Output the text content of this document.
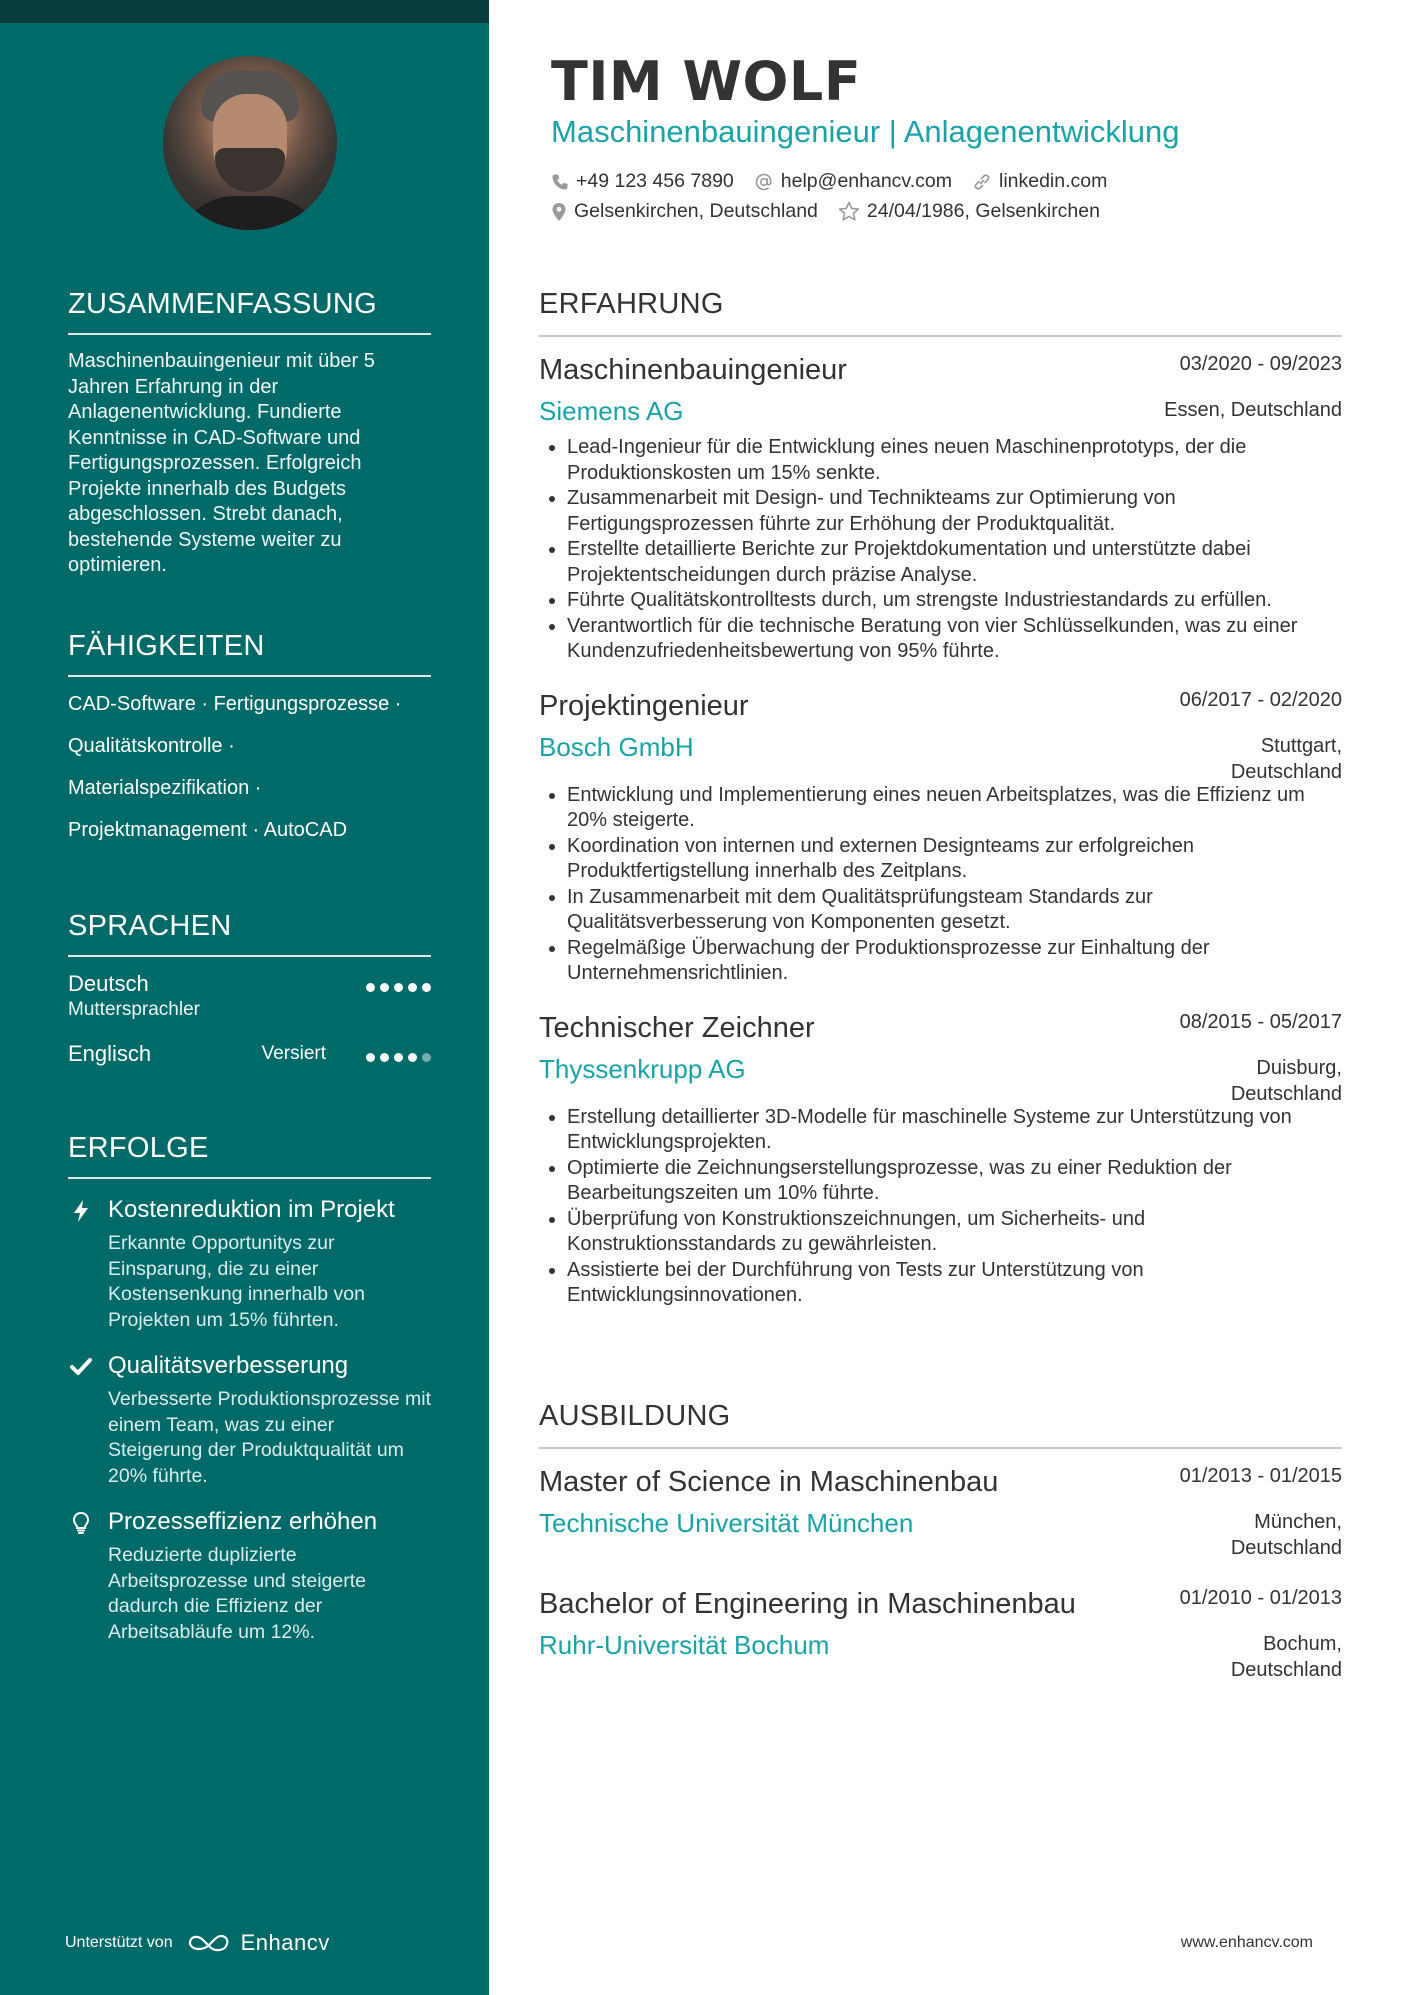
ZUSAMMENFASSUNG
Maschinenbauingenieur mit über 5 Jahren Erfahrung in der Anlagenentwicklung. Fundierte Kenntnisse in CAD-Software und Fertigungsprozessen. Erfolgreich Projekte innerhalb des Budgets abgeschlossen. Strebt danach, bestehende Systeme weiter zu optimieren.
FÄHIGKEITEN
CAD-Software · Fertigungsprozesse ·
Qualitätskontrolle ·
Materialspezifikation ·
Projektmanagement · AutoCAD
SPRACHEN
Deutsch
Muttersprachler
Englisch	Versiert
ERFOLGE
Kostenreduktion im Projekt
Erkannte Opportunitys zur Einsparung, die zu einer Kostensenkung innerhalb von Projekten um 15% führten.
Qualitätsverbesserung
Verbesserte Produktionsprozesse mit einem Team, was zu einer Steigerung der Produktqualität um 20% führte.
Prozesseffizienz erhöhen
Reduzierte duplizierte Arbeitsprozesse und steigerte dadurch die Effizienz der Arbeitsabläufe um 12%.
Unterstützt von	Enhancv
TIM WOLF
Maschinenbauingenieur | Anlagenentwicklung
+49 123 456 7890 help@enhancv.com linkedin.com
Gelsenkirchen, Deutschland	24/04/1986, Gelsenkirchen
ERFAHRUNG
Maschinenbauingenieur	03/2020 - 09/2023
Siemens AG	Essen, Deutschland
• Lead-Ingenieur für die Entwicklung eines neuen Maschinenprototyps, der die Produktionskosten um 15% senkte.
• Zusammenarbeit mit Design- und Technikteams zur Optimierung von Fertigungsprozessen führte zur Erhöhung der Produktqualität.
• Erstellte detaillierte Berichte zur Projektdokumentation und unterstützte dabei Projektentscheidungen durch präzise Analyse.
• Führte Qualitätskontrolltests durch, um strengste Industriestandards zu erfüllen.
• Verantwortlich für die technische Beratung von vier Schlüsselkunden, was zu einer Kundenzufriedenheitsbewertung von 95% führte.
Projektingenieur	06/2017 - 02/2020
Bosch GmbH	Stuttgart,
Deutschland
• Entwicklung und Implementierung eines neuen Arbeitsplatzes, was die Effizienz um 20% steigerte.
• Koordination von internen und externen Designteams zur erfolgreichen Produktfertigstellung innerhalb des Zeitplans.
• In Zusammenarbeit mit dem Qualitätsprüfungsteam Standards zur Qualitätsverbesserung von Komponenten gesetzt.
• Regelmäßige Überwachung der Produktionsprozesse zur Einhaltung der Unternehmensrichtlinien.
Technischer Zeichner	08/2015 - 05/2017
Thyssenkrupp AG	Duisburg,
Deutschland
• Erstellung detaillierter 3D-Modelle für maschinelle Systeme zur Unterstützung von Entwicklungsprojekten.
• Optimierte die Zeichnungserstellungsprozesse, was zu einer Reduktion der Bearbeitungszeiten um 10% führte.
• Überprüfung von Konstruktionszeichnungen, um Sicherheits- und Konstruktionsstandards zu gewährleisten.
• Assistierte bei der Durchführung von Tests zur Unterstützung von Entwicklungsinnovationen.
AUSBILDUNG
Master of Science in Maschinenbau	01/2013 - 01/2015
Technische Universität München	München,
Deutschland
Bachelor of Engineering in Maschinenbau	01/2010 - 01/2013
Ruhr-Universität Bochum	Bochum,
Deutschland
www.enhancv.com
